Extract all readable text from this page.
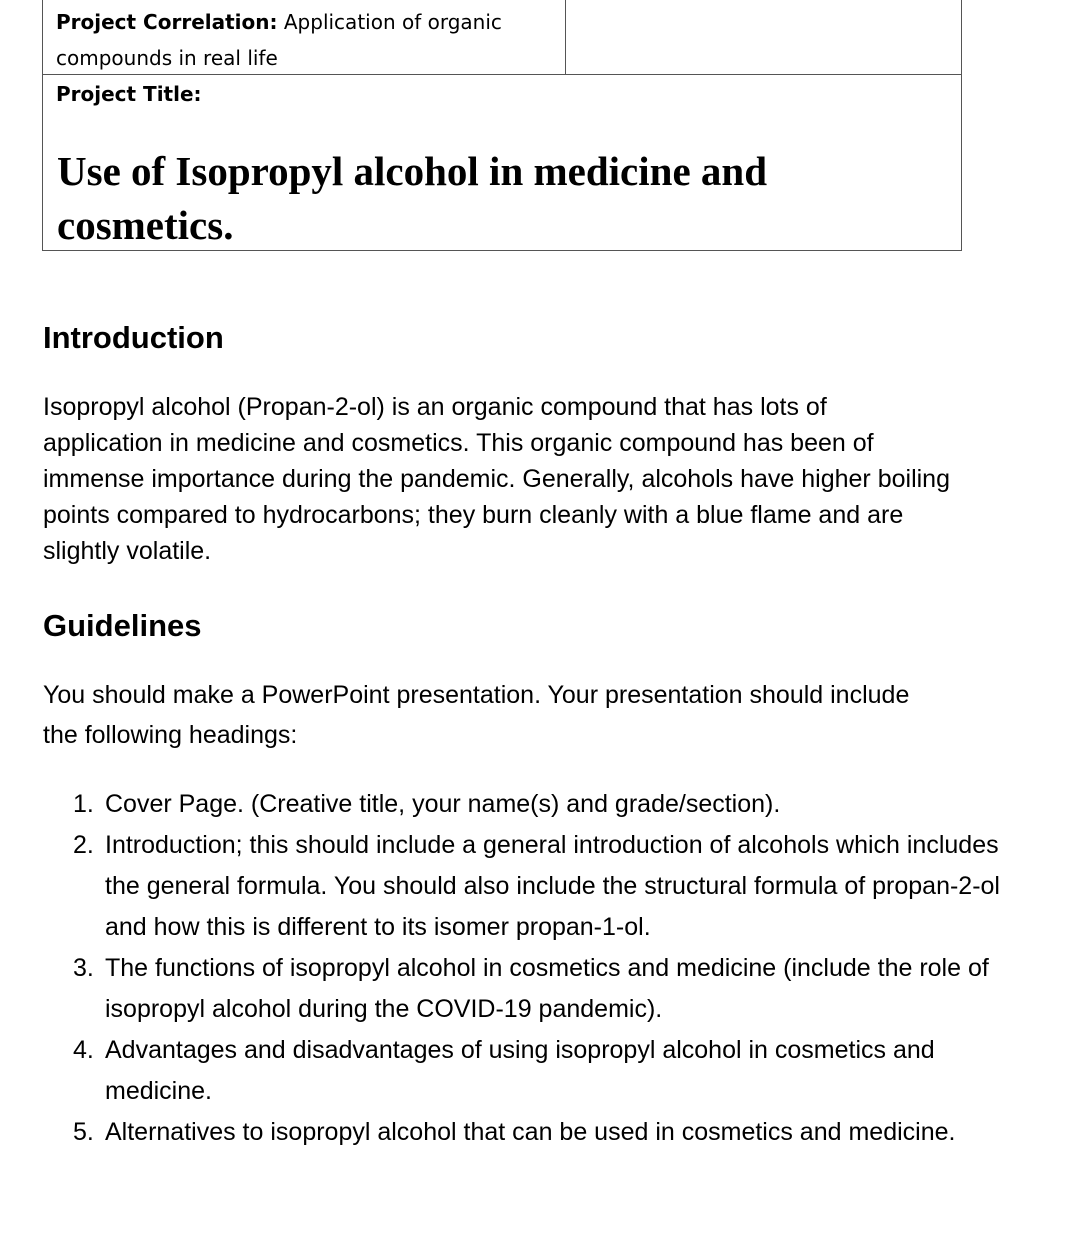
Project Correlation: Application of organic compounds in real life
Project Title:
Use of Isopropyl alcohol in medicine and cosmetics.
Introduction

Isopropyl alcohol (Propan-2-ol) is an organic compound that has lots of application in medicine and cosmetics. This organic compound has been of immense importance during the pandemic. Generally, alcohols have higher boiling points compared to hydrocarbons; they burn cleanly with a blue flame and are slightly volatile.

Guidelines

You should make a PowerPoint presentation. Your presentation should include the following headings:

1. Cover Page. (Creative title, your name(s) and grade/section).
2. Introduction; this should include a general introduction of alcohols which includes the general formula. You should also include the structural formula of propan-2-ol and how this is different to its isomer propan-1-ol.
3. The functions of isopropyl alcohol in cosmetics and medicine (include the role of isopropyl alcohol during the COVID-19 pandemic).
4. Advantages and disadvantages of using isopropyl alcohol in cosmetics and medicine.
5. Alternatives to isopropyl alcohol that can be used in cosmetics and medicine.
